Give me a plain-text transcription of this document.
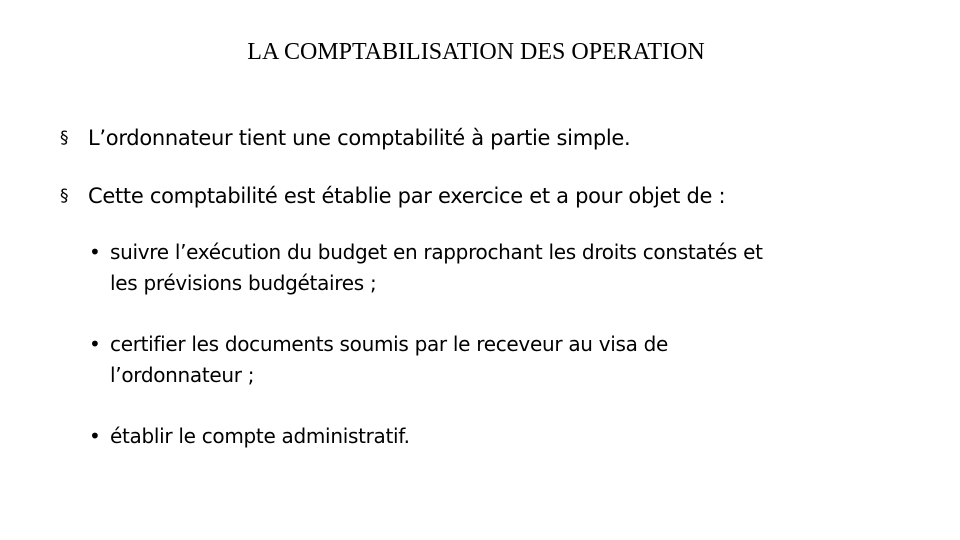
LA COMPTABILISATION DES OPERATION
§ L’ordonnateur tient une comptabilité à partie simple.
§ Cette comptabilité est établie par exercice et a pour objet de :
• suivre l’exécution du budget en rapprochant les droits constatés et les prévisions budgétaires ;
• certifier les documents soumis par le receveur au visa de l’ordonnateur ;
• établir le compte administratif.
